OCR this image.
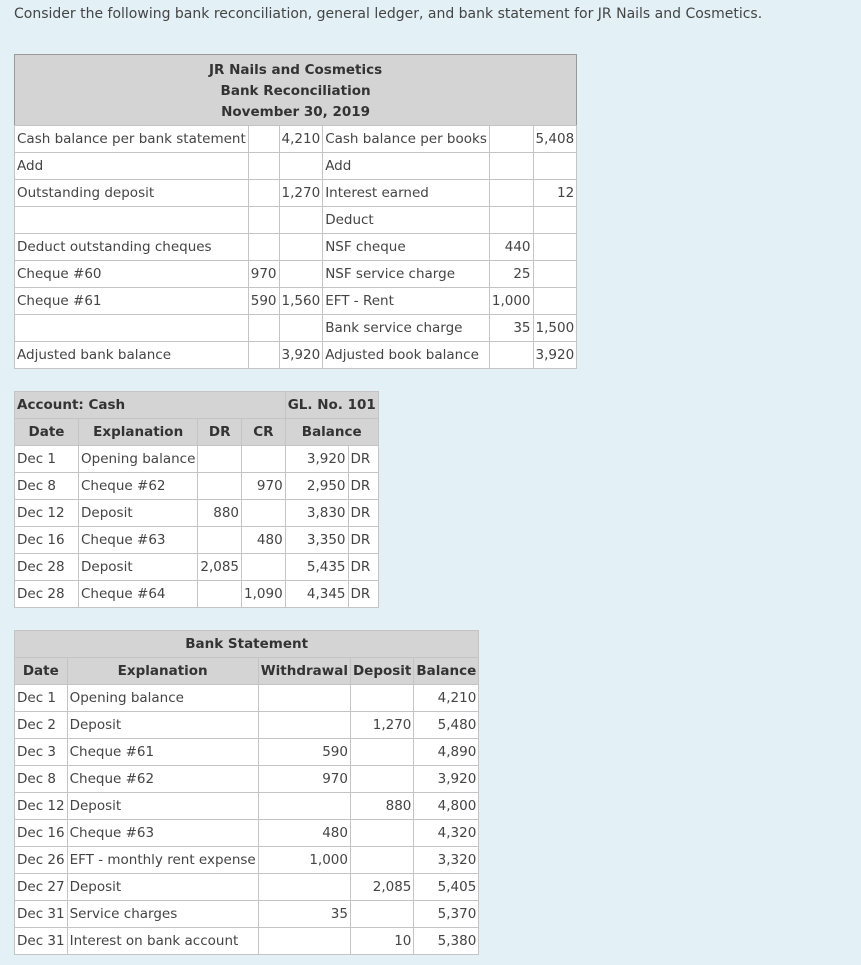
Consider the following bank reconciliation, general ledger, and bank statement for JR Nails and Cosmetics.
JR Nails and Cosmetics					
Bank Reconciliation					
November 30, 2019					
Cash balance per bank statement		4,210	Cash balance per books		5,408
Add			Add		
Outstanding deposit		1,270	Interest earned		12
			Deduct		
Deduct outstanding cheques			NSF cheque	440	
Cheque #60	970		NSF service charge	25	
Cheque #61	590	1,560	EFT - Rent	1,000	
			Bank service charge	35	1,500
Adjusted bank balance		3,920	Adjusted book balance		3,920
Account: Cash				GL. No. 101	
Date	Explanation	DR	CR	Balance	
Dec 1	Opening balance			3,920	DR
Dec 8	Cheque #62		970	2,950	DR
Dec 12	Deposit	880		3,830	DR
Dec 16	Cheque #63		480	3,350	DR
Dec 28	Deposit	2,085		5,435	DR
Dec 28	Cheque #64		1,090	4,345	DR
Bank Statement				
Date	Explanation	Withdrawal	Deposit	Balance
Dec 1	Opening balance			4,210
Dec 2	Deposit		1,270	5,480
Dec 3	Cheque #61	590		4,890
Dec 8	Cheque #62	970		3,920
Dec 12	Deposit		880	4,800
Dec 16	Cheque #63	480		4,320
Dec 26	EFT - monthly rent expense	1,000		3,320
Dec 27	Deposit		2,085	5,405
Dec 31	Service charges	35		5,370
Dec 31	Interest on bank account		10	5,380
